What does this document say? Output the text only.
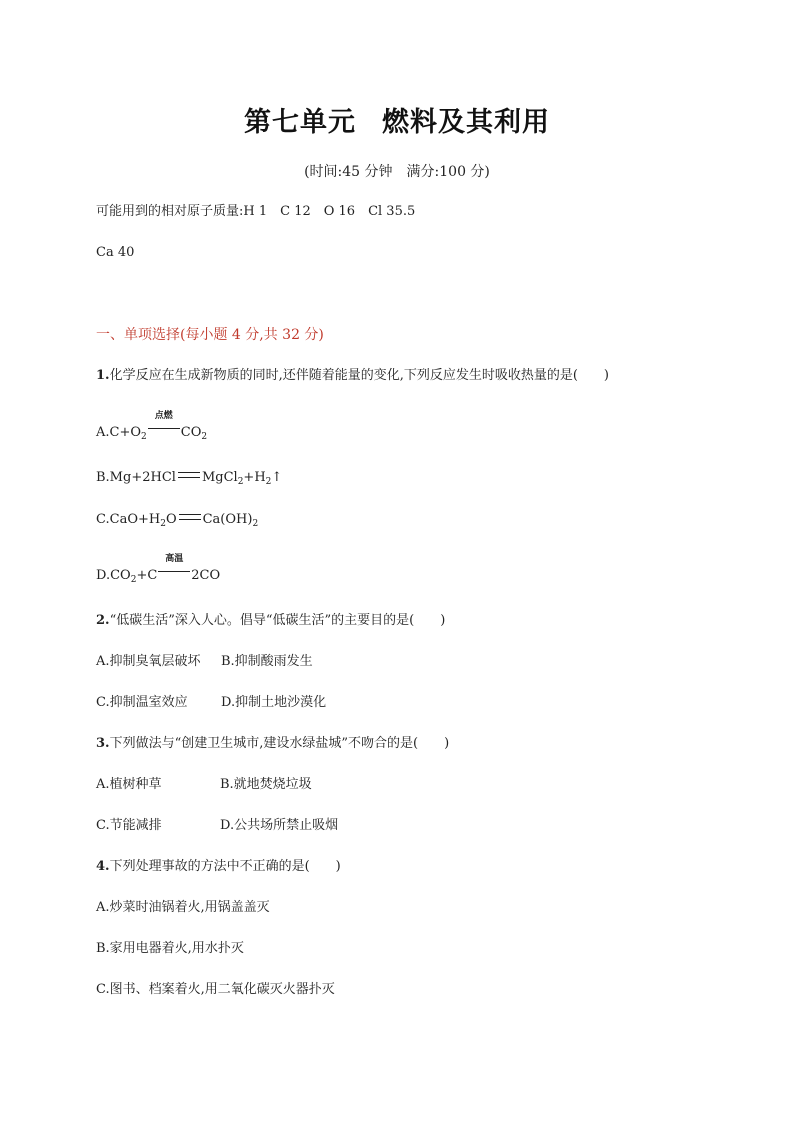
第七单元 燃料及其利用
(时间:45 分钟 满分:100 分)
可能用到的相对原子质量:H 1　C 12　O 16　Cl 35.5
Ca 40
一、单项选择(每小题 4 分,共 32 分)
1.化学反应在生成新物质的同时,还伴随着能量的变化,下列反应发生时吸收热量的是(　　)
$A.C+O_2$
点燃
$CO_2$
B.Mg+2HCl $MgCl_2+H_2↑$
$C.CaO+H_2O$ $Ca(OH)_2$
$D.CO_2+C$
高温
2CO
2.“低碳生活”深入人心。倡导“低碳生活”的主要目的是(　　)
A.抑制臭氧层破坏 B.抑制酸雨发生
C.抑制温室效应	D.抑制土地沙漠化
3.下列做法与“创建卫生城市,建设水绿盐城”不吻合的是(　　)
A.植树种草	B.就地焚烧垃圾
C.节能减排	D.公共场所禁止吸烟
4.下列处理事故的方法中不正确的是(　　)
A.炒菜时油锅着火,用锅盖盖灭
B.家用电器着火,用水扑灭
C.图书、档案着火,用二氧化碳灭火器扑灭
